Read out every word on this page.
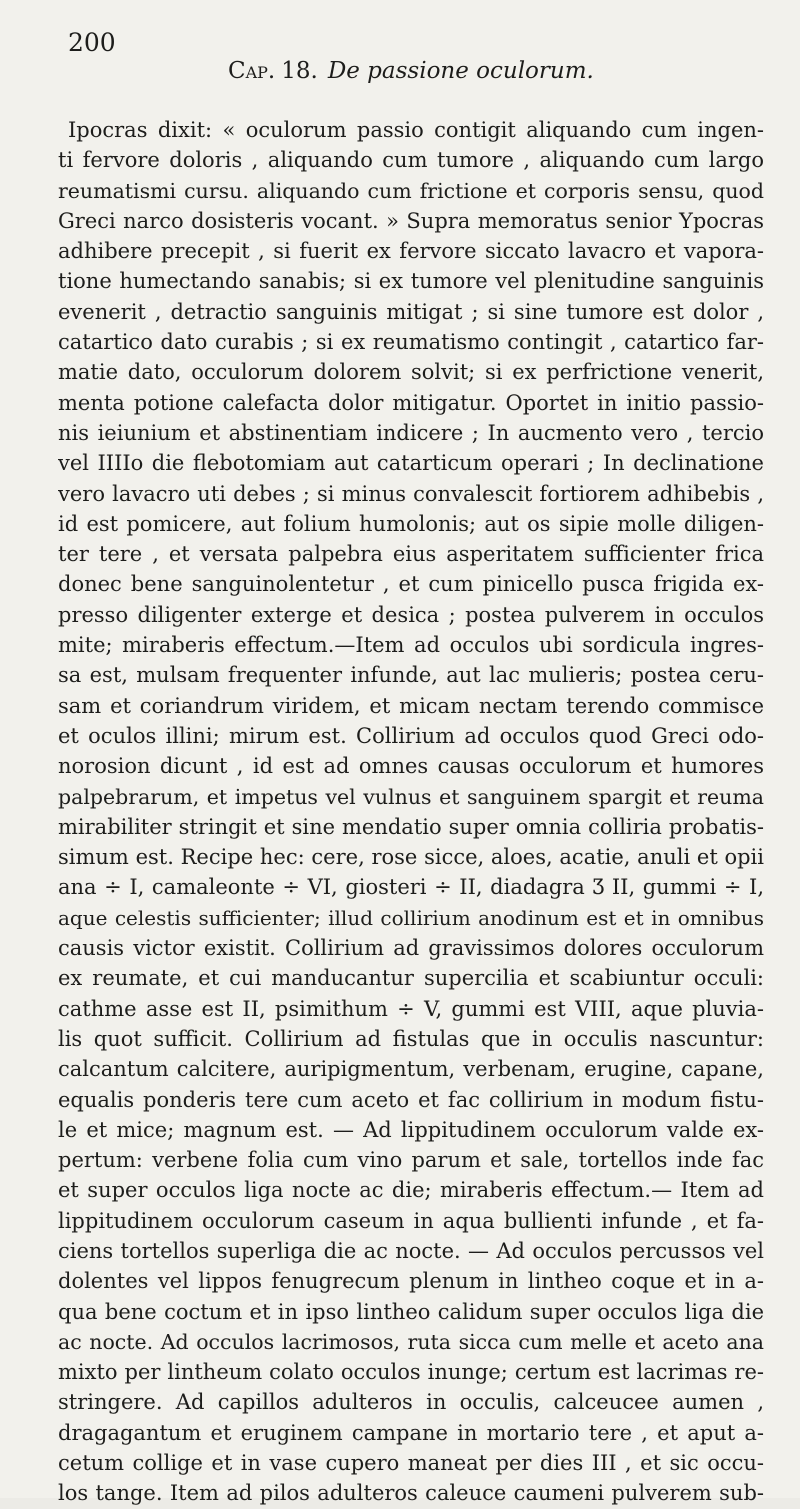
200
Cap. 18. De passione oculorum.
Ipocras dixit: « oculorum passio contigit aliquando cum ingen-
ti fervore doloris , aliquando cum tumore , aliquando cum largo
reumatismi cursu. aliquando cum frictione et corporis sensu, quod
Greci narco dosisteris vocant. » Supra memoratus senior Ypocras
adhibere precepit , si fuerit ex fervore siccato lavacro et vapora-
tione humectando sanabis; si ex tumore vel plenitudine sanguinis
evenerit , detractio sanguinis mitigat ; si sine tumore est dolor ,
catartico dato curabis ; si ex reumatismo contingit , catartico far-
matie dato, occulorum dolorem solvit; si ex perfrictione venerit,
menta potione calefacta dolor mitigatur. Oportet in initio passio-
nis ieiunium et abstinentiam indicere ; In aucmento vero , tercio
vel IIIIo die flebotomiam aut catarticum operari ; In declinatione
vero lavacro uti debes ; si minus convalescit fortiorem adhibebis ,
id est pomicere, aut folium humolonis; aut os sipie molle diligen-
ter tere , et versata palpebra eius asperitatem sufficienter frica
donec bene sanguinolentetur , et cum pinicello pusca frigida ex-
presso diligenter exterge et desica ; postea pulverem in occulos
mite; miraberis effectum.—Item ad occulos ubi sordicula ingres-
sa est, mulsam frequenter infunde, aut lac mulieris; postea ceru-
sam et coriandrum viridem, et micam nectam terendo commisce
et oculos illini; mirum est. Collirium ad occulos quod Greci odo-
norosion dicunt , id est ad omnes causas occulorum et humores
palpebrarum, et impetus vel vulnus et sanguinem spargit et reuma
mirabiliter stringit et sine mendatio super omnia colliria probatis-
simum est. Recipe hec: cere, rose sicce, aloes, acatie, anuli et opii
ana ÷ I, camaleonte ÷ VI, giosteri ÷ II, diadagra Ʒ II, gummi ÷ I,
aque celestis sufficienter; illud collirium anodinum est et in omnibus
causis victor existit. Collirium ad gravissimos dolores occulorum
ex reumate, et cui manducantur supercilia et scabiuntur occuli:
cathme asse est II, psimithum ÷ V, gummi est VIII, aque pluvia-
lis quot sufficit. Collirium ad fistulas que in occulis nascuntur:
calcantum calcitere, auripigmentum, verbenam, erugine, capane,
equalis ponderis tere cum aceto et fac collirium in modum fistu-
le et mice; magnum est. — Ad lippitudinem occulorum valde ex-
pertum: verbene folia cum vino parum et sale, tortellos inde fac
et super occulos liga nocte ac die; miraberis effectum.— Item ad
lippitudinem occulorum caseum in aqua bullienti infunde , et fa-
ciens tortellos superliga die ac nocte. — Ad occulos percussos vel
dolentes vel lippos fenugrecum plenum in lintheo coque et in a-
qua bene coctum et in ipso lintheo calidum super occulos liga die
ac nocte. Ad occulos lacrimosos, ruta sicca cum melle et aceto ana
mixto per lintheum colato occulos inunge; certum est lacrimas re-
stringere. Ad capillos adulteros in occulis, calceucee aumen ,
dragagantum et eruginem campane in mortario tere , et aput a-
cetum collige et in vase cupero maneat per dies III , et sic occu-
los tange. Item ad pilos adulteros caleuce caumeni pulverem sub-
